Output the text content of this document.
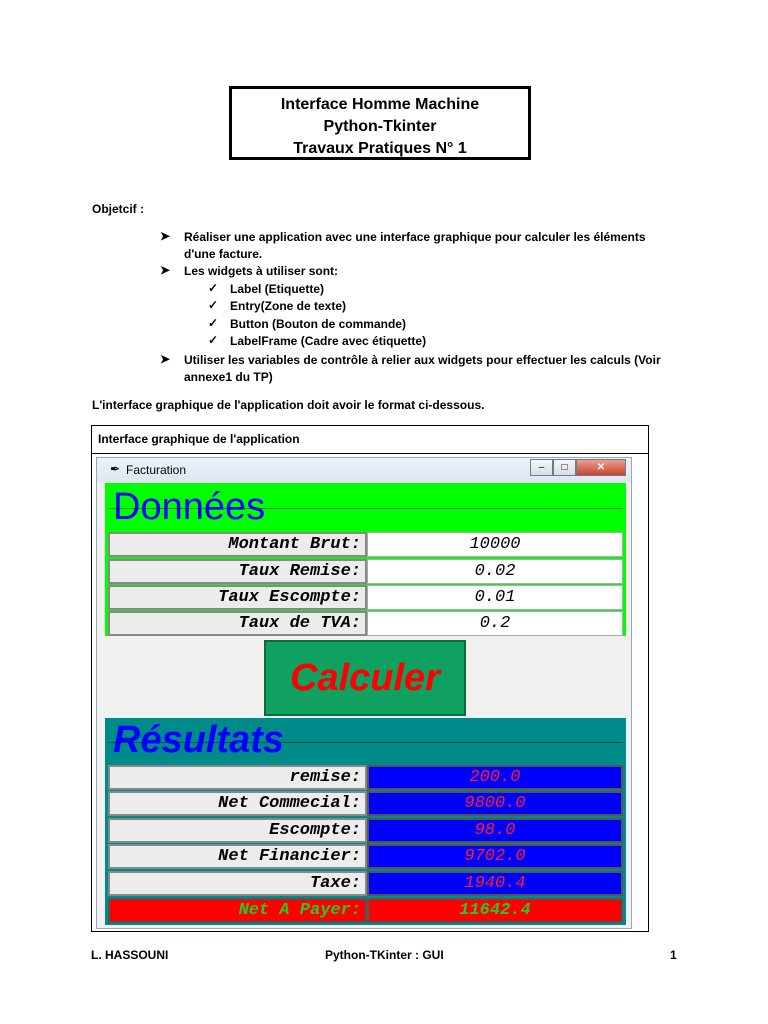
Interface Homme Machine
Python-Tkinter
Travaux Pratiques N° 1
Objetcif :
➤ Réaliser une application avec une interface graphique pour calculer les éléments
d'une facture.
➤ Les widgets à utiliser sont:
✓ Label (Etiquette)
✓ Entry(Zone de texte)
✓ Button (Bouton de commande)
✓ LabelFrame (Cadre avec étiquette)
➤ Utiliser les variables de contrôle à relier aux widgets pour effectuer les calculs (Voir
annexe1 du TP)
L'interface graphique de l'application doit avoir le format ci-dessous.
Interface graphique de l'application
✒ Facturation	–	□	✕
Données
Montant Brut:	10000
Taux Remise:	0.02
Taux Escompte:	0.01
Taux de TVA:	0.2
Calculer
Résultats
remise:	200.0
Net Commecial:	9800.0
Escompte:	98.0
Net Financier:	9702.0
Taxe:	1940.4
Net A Payer:	11642.4
L. HASSOUNI	Python-TKinter : GUI	1
